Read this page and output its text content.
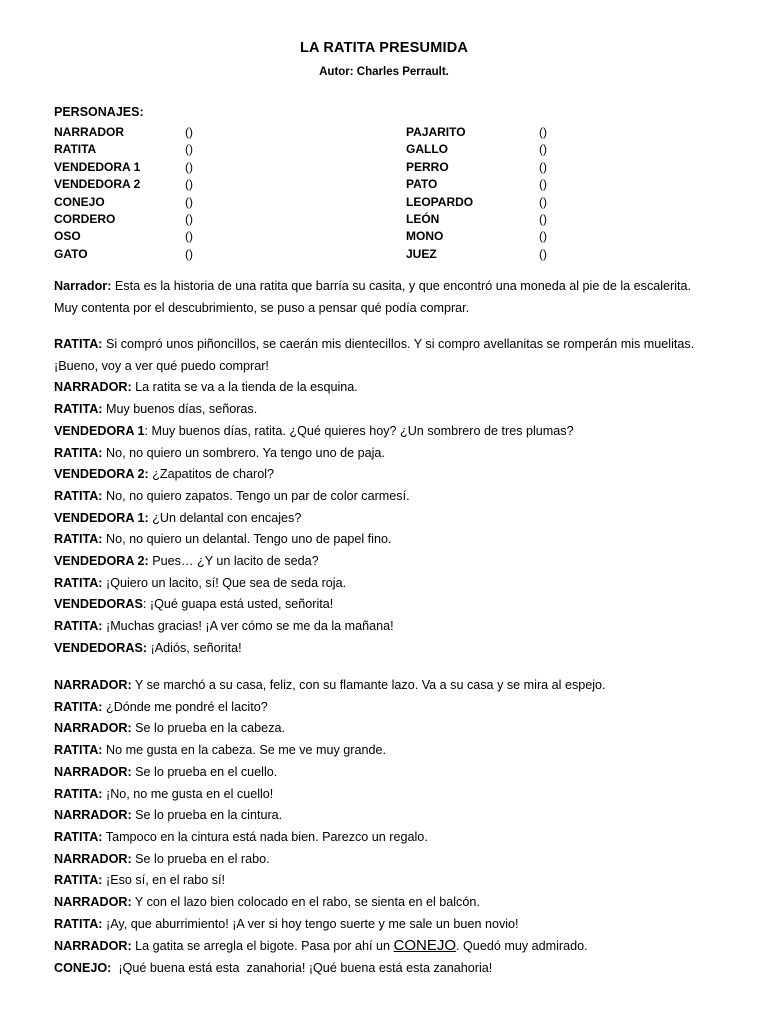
LA RATITA PRESUMIDA
Autor: Charles Perrault.
PERSONAJES:
NARRADOR	()	PAJARITO	()
RATITA	()	GALLO	()
VENDEDORA 1	()	PERRO	()
VENDEDORA 2	()	PATO	()
CONEJO	()	LEOPARDO	()
CORDERO	()	LEÓN	()
OSO	()	MONO	()
GATO	()	JUEZ	()
Narrador: Esta es la historia de una ratita que barría su casita, y que encontró una moneda al pie de la escalerita. Muy contenta por el descubrimiento, se puso a pensar qué podía comprar.
RATITA: Si compró unos piñoncillos, se caerán mis dientecillos. Y si compro avellanitas se romperán mis muelitas. ¡Bueno, voy a ver qué puedo comprar!
NARRADOR: La ratita se va a la tienda de la esquina.
RATITA: Muy buenos días, señoras.
VENDEDORA 1: Muy buenos días, ratita. ¿Qué quieres hoy? ¿Un sombrero de tres plumas?
RATITA: No, no quiero un sombrero. Ya tengo uno de paja.
VENDEDORA 2: ¿Zapatitos de charol?
RATITA: No, no quiero zapatos. Tengo un par de color carmesí.
VENDEDORA 1: ¿Un delantal con encajes?
RATITA: No, no quiero un delantal. Tengo uno de papel fino.
VENDEDORA 2: Pues… ¿Y un lacito de seda?
RATITA: ¡Quiero un lacito, sí! Que sea de seda roja.
VENDEDORAS: ¡Qué guapa está usted, señorita!
RATITA: ¡Muchas gracias! ¡A ver cómo se me da la mañana!
VENDEDORAS: ¡Adiós, señorita!
NARRADOR: Y se marchó a su casa, feliz, con su flamante lazo. Va a su casa y se mira al espejo.
RATITA: ¿Dónde me pondré el lacito?
NARRADOR: Se lo prueba en la cabeza.
RATITA: No me gusta en la cabeza. Se me ve muy grande.
NARRADOR: Se lo prueba en el cuello.
RATITA: ¡No, no me gusta en el cuello!
NARRADOR: Se lo prueba en la cintura.
RATITA: Tampoco en la cintura está nada bien. Parezco un regalo.
NARRADOR: Se lo prueba en el rabo.
RATITA: ¡Eso sí, en el rabo sí!
NARRADOR: Y con el lazo bien colocado en el rabo, se sienta en el balcón.
RATITA: ¡Ay, que aburrimiento! ¡A ver si hoy tengo suerte y me sale un buen novio!
NARRADOR: La gatita se arregla el bigote. Pasa por ahí un CONEJO. Quedó muy admirado.
CONEJO:  ¡Qué buena está esta  zanahoria! ¡Qué buena está esta zanahoria!
